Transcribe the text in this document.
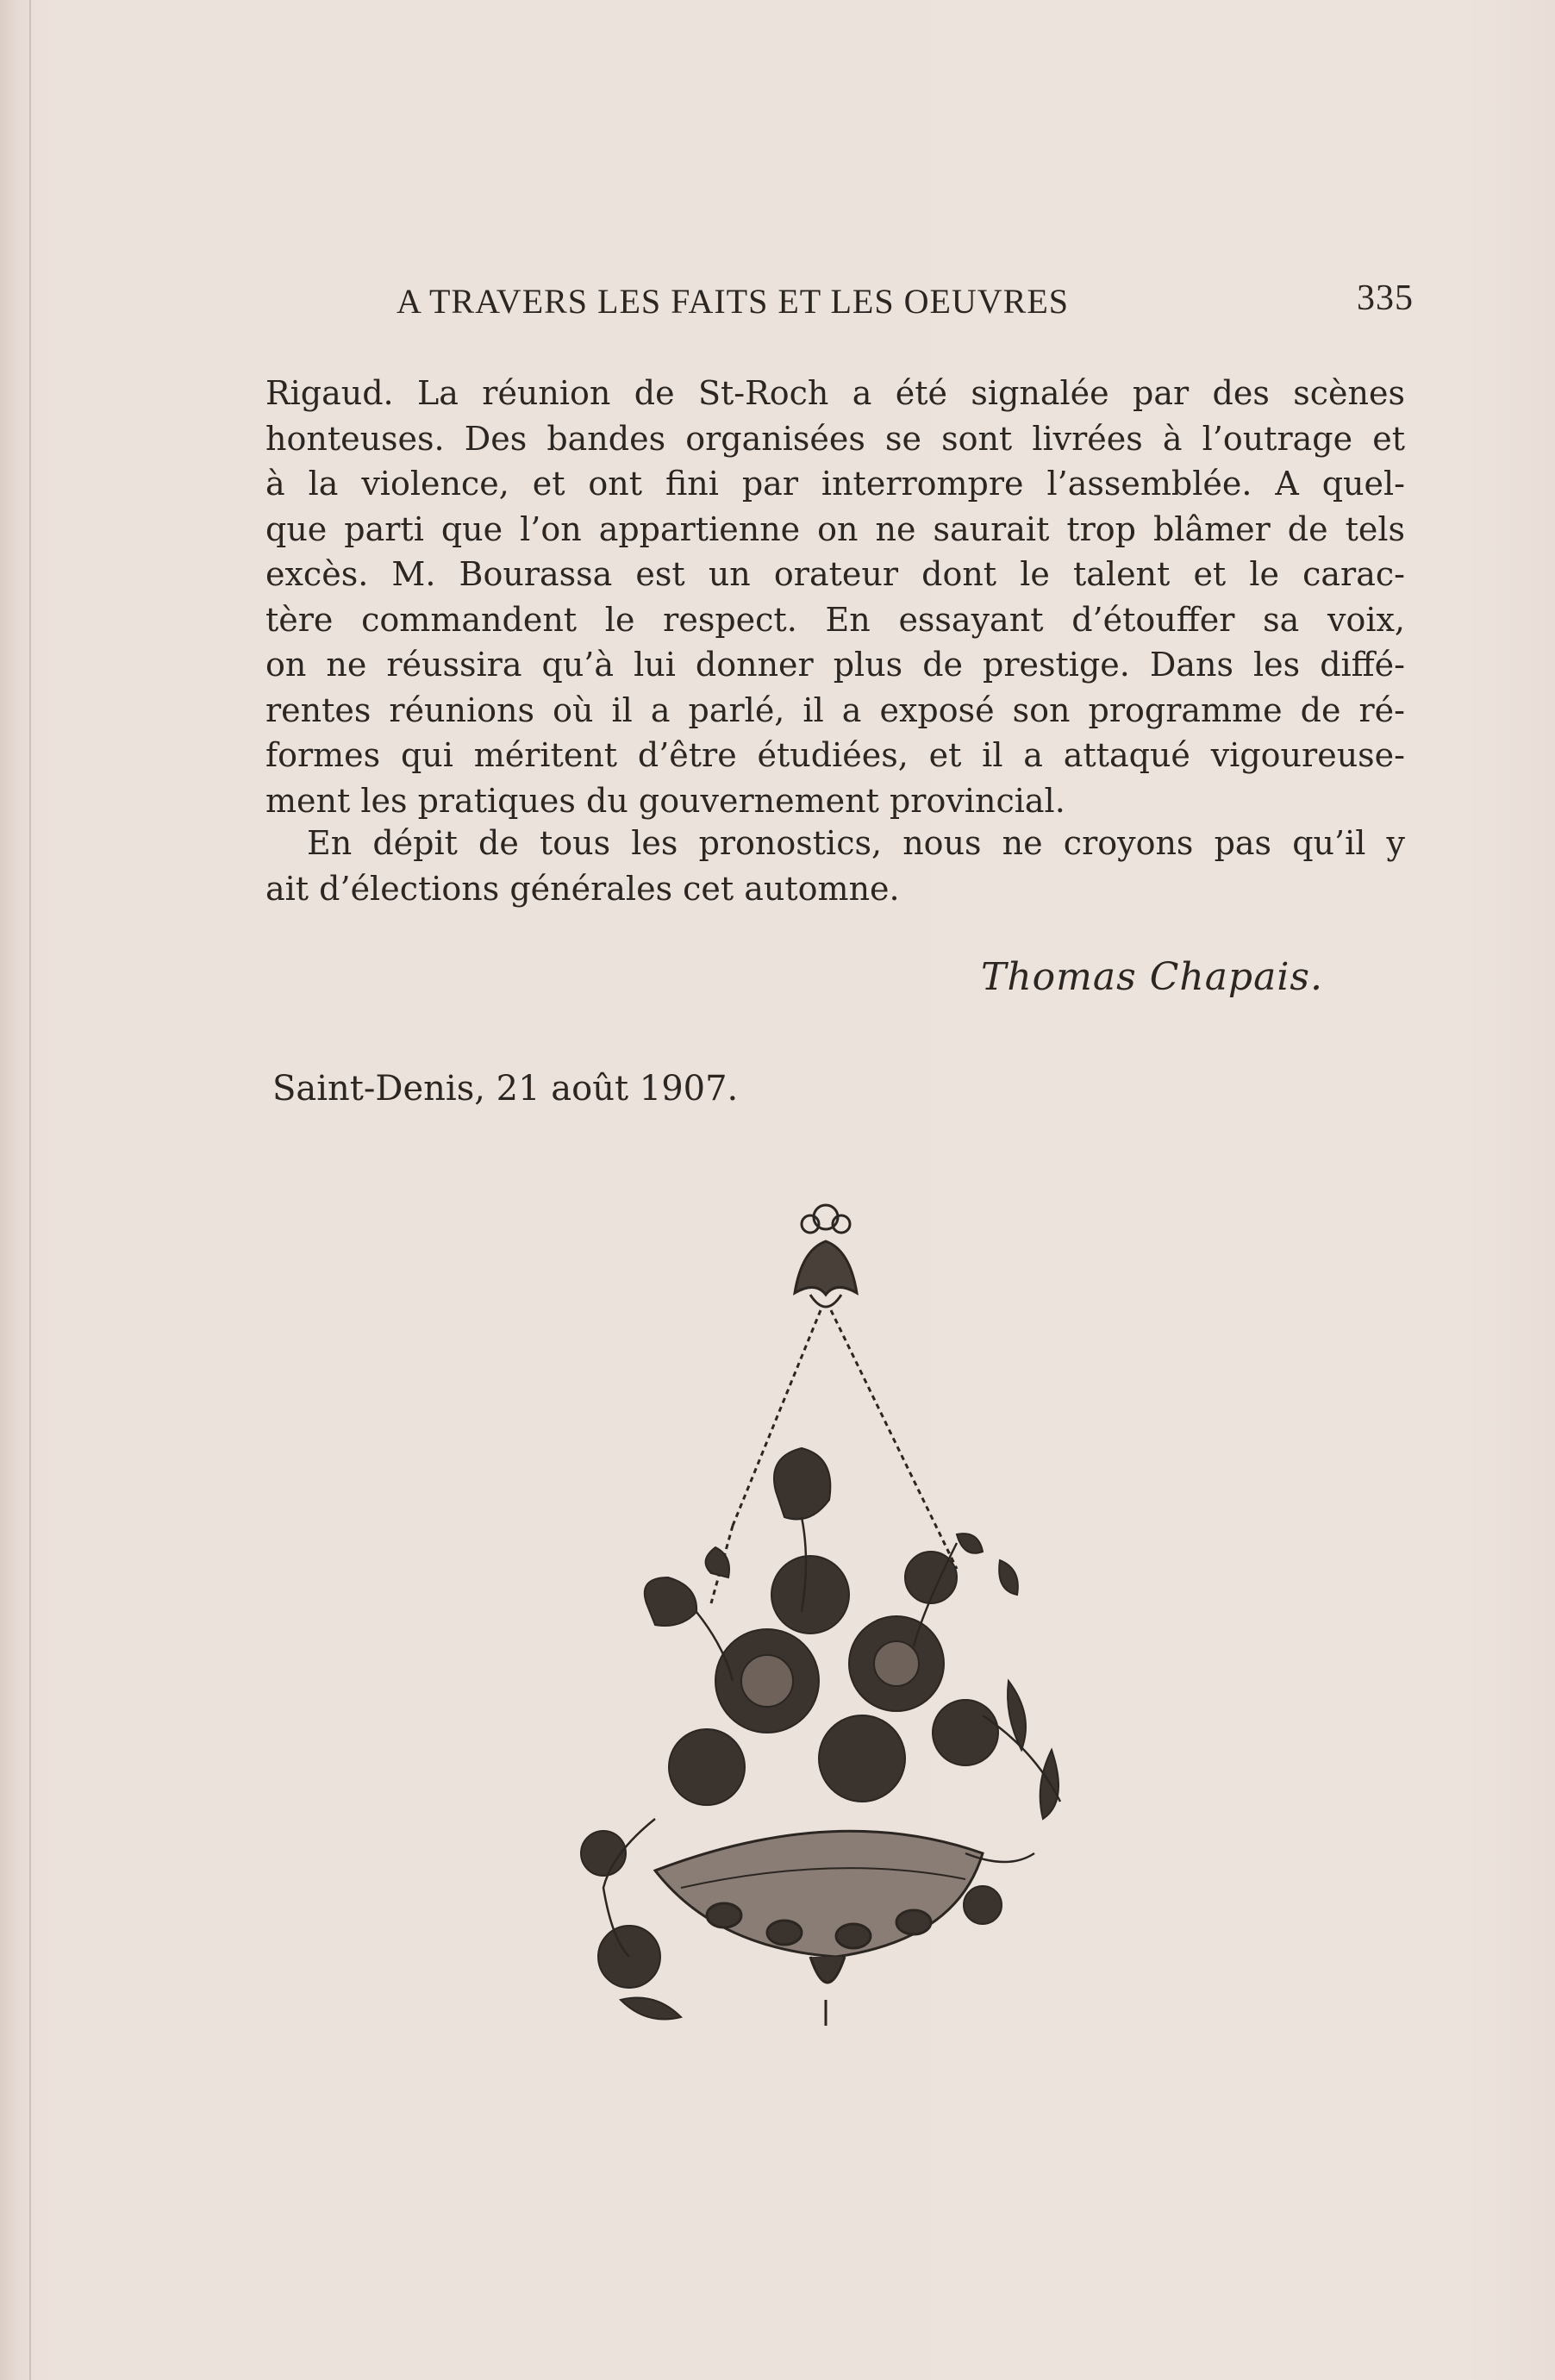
A TRAVERS LES FAITS ET LES OEUVRES	335
Rigaud. La réunion de St-Roch a été signalée par des scènes
honteuses. Des bandes organisées se sont livrées à l’outrage et
à la violence, et ont fini par interrompre l’assemblée. A quel-
que parti que l’on appartienne on ne saurait trop blâmer de tels
excès. M. Bourassa est un orateur dont le talent et le carac-
tère commandent le respect. En essayant d’étouffer sa voix,
on ne réussira qu’à lui donner plus de prestige. Dans les diffé-
rentes réunions où il a parlé, il a exposé son programme de ré-
formes qui méritent d’être étudiées, et il a attaqué vigoureuse-
ment les pratiques du gouvernement provincial.
En dépit de tous les pronostics, nous ne croyons pas qu’il y
ait d’élections générales cet automne.
Thomas Chapais.
Saint-Denis, 21 août 1907.
